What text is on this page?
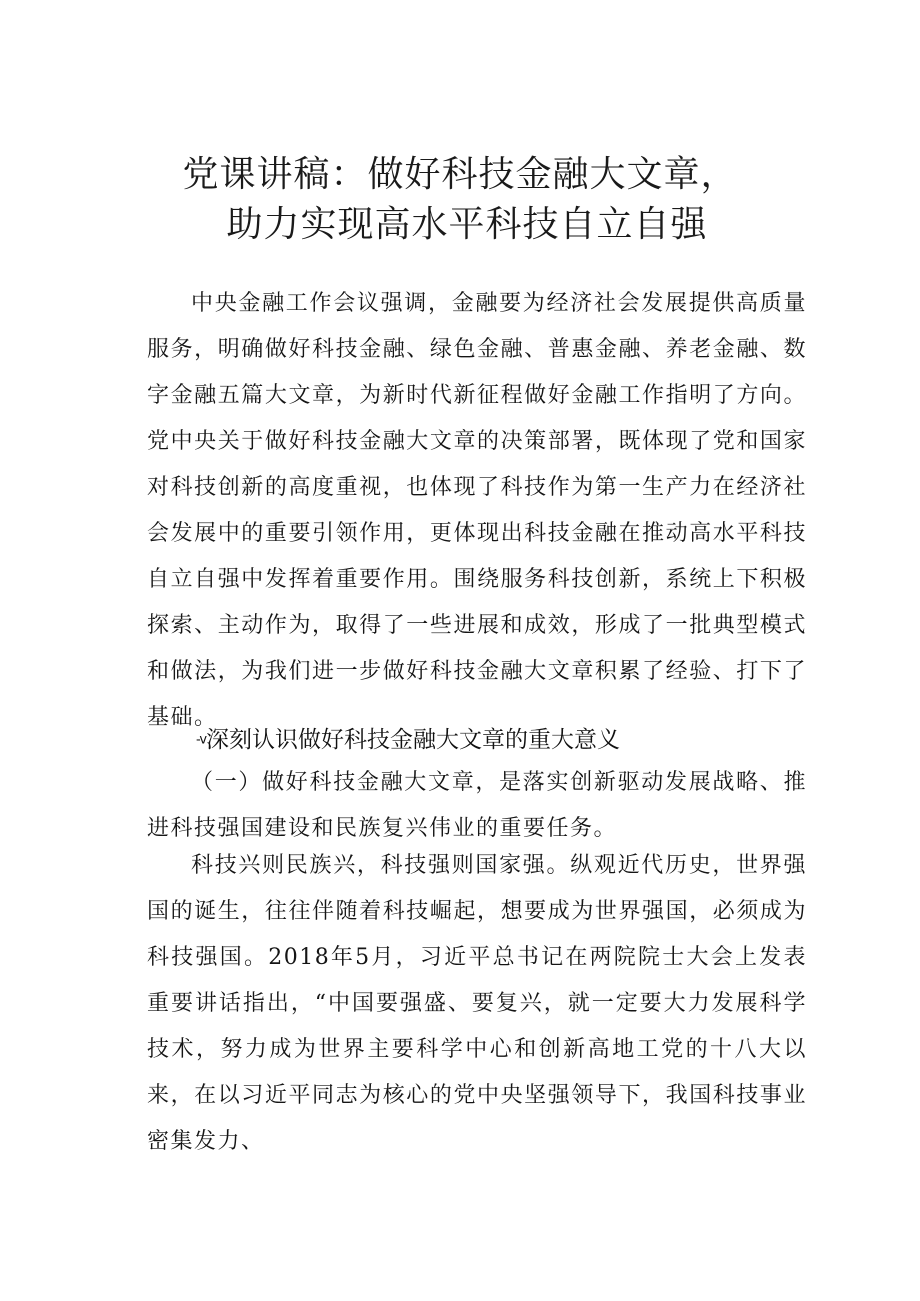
党课讲稿：做好科技金融大文章，
助力实现高水平科技自立自强
中央金融工作会议强调，金融要为经济社会发展提供高质量服务，明确做好科技金融、绿色金融、普惠金融、养老金融、数字金融五篇大文章，为新时代新征程做好金融工作指明了方向。党中央关于做好科技金融大文章的决策部署，既体现了党和国家对科技创新的高度重视，也体现了科技作为第一生产力在经济社会发展中的重要引领作用，更体现出科技金融在推动高水平科技自立自强中发挥着重要作用。围绕服务科技创新，系统上下积极探索、主动作为，取得了一些进展和成效，形成了一批典型模式和做法，为我们进一步做好科技金融大文章积累了经验、打下了基础。
-v深刻认识做好科技金融大文章的重大意义
（一）做好科技金融大文章，是落实创新驱动发展战略、推进科技强国建设和民族复兴伟业的重要任务。
科技兴则民族兴，科技强则国家强。纵观近代历史，世界强国的诞生，往往伴随着科技崛起，想要成为世界强国，必须成为科技强国。2018年5月，习近平总书记在两院院士大会上发表重要讲话指出，“中国要强盛、要复兴，就一定要大力发展科学技术，努力成为世界主要科学中心和创新高地工党的十八大以来，在以习近平同志为核心的党中央坚强领导下，我国科技事业密集发力、
